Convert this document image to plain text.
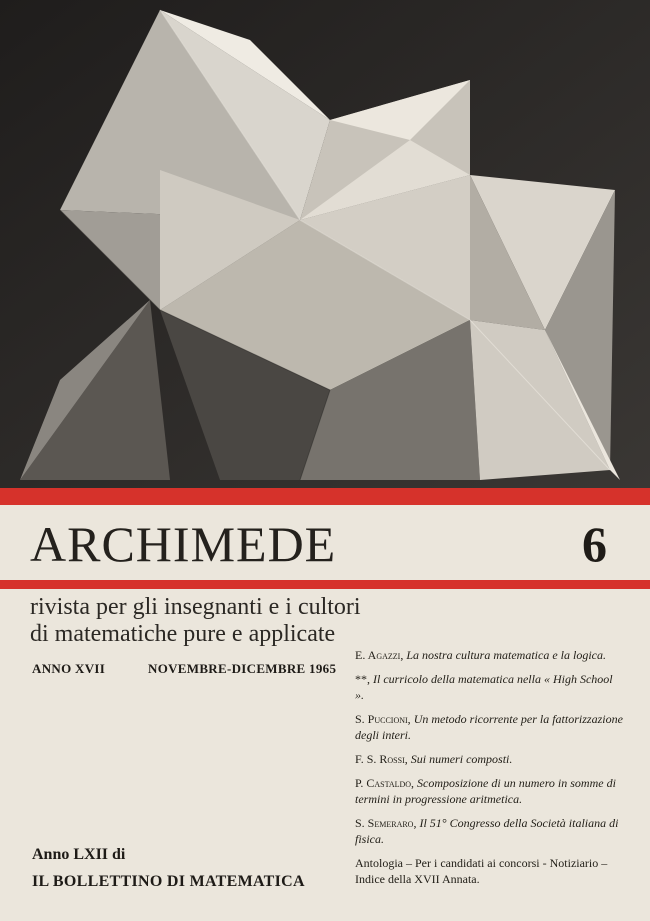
ARCHIMEDE	6
rivista per gli insegnanti e i cultori
di matematiche pure e applicate
ANNO XVII	NOVEMBRE-DICEMBRE 1965
E. Agazzi, La nostra cultura matematica e la logica.
**, Il curricolo della matematica nella « High School ».
S. Puccioni, Un metodo ricorrente per la fattorizzazione degli interi.
F. S. Rossi, Sui numeri composti.
P. Castaldo, Scomposizione di un numero in somme di termini in progressione aritmetica.
S. Semeraro, Il 51° Congresso della Società italiana di fisica.
Antologia – Per i candidati ai concorsi - Notiziario – Indice della XVII Annata.
Anno LXII di
IL BOLLETTINO DI MATEMATICA
